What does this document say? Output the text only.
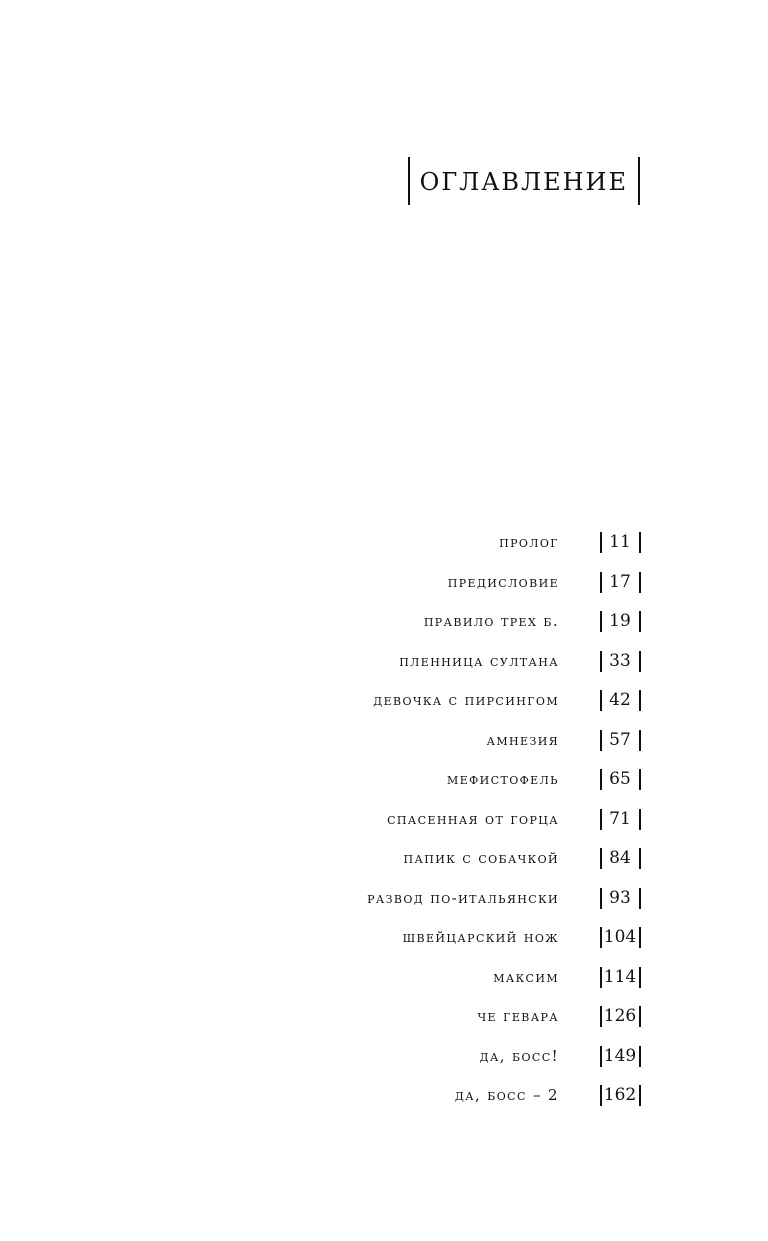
оглавление
пролог	11
предисловие	17
правило трех б.	19
пленница султана	33
девочка с пирсингом	42
амнезия	57
мефистофель	65
спасенная от горца	71
папик с собачкой	84
развод по-итальянски	93
швейцарский нож	104
максим	114
че гевара	126
да, босс!	149
да, босс – 2	162
